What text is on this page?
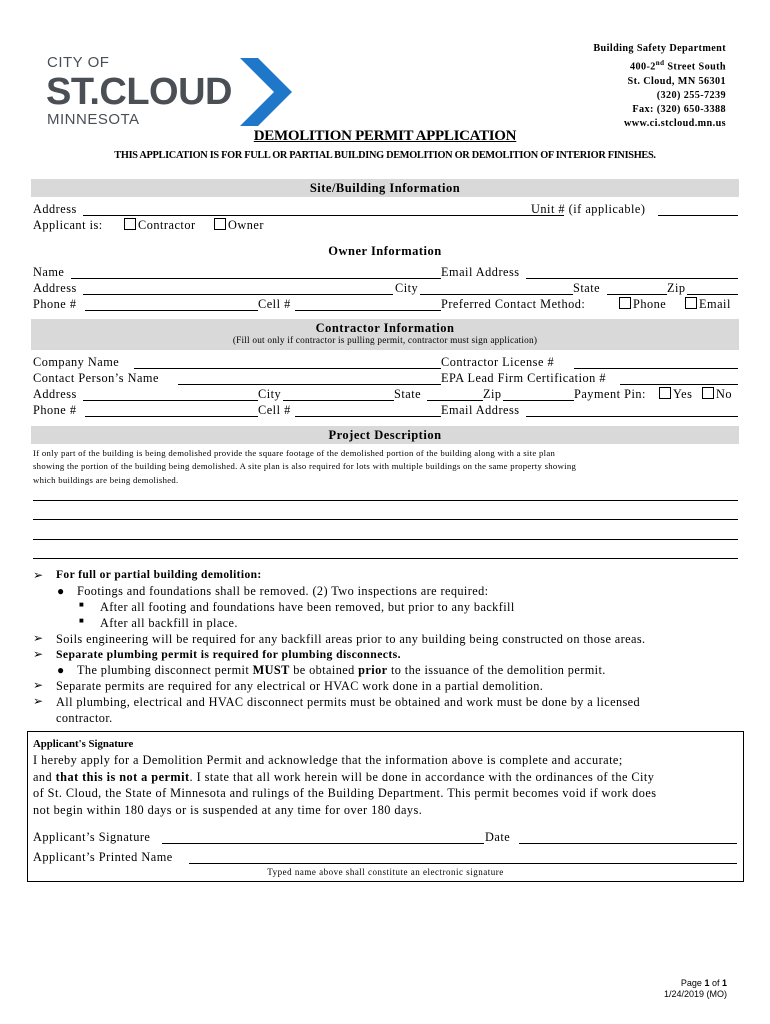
CITY OF
ST.CLOUD
MINNESOTA
Building Safety Department
400-2nd Street South
St. Cloud, MN 56301
(320) 255-7239
Fax: (320) 650-3388
www.ci.stcloud.mn.us
DEMOLITION PERMIT APPLICATION
THIS APPLICATION IS FOR FULL OR PARTIAL BUILDING DEMOLITION OR DEMOLITION OF INTERIOR FINISHES.
Site/Building Information
Address	Unit # (if applicable)
Applicant is:	Contractor	Owner
Owner Information
Name	Email Address
Address	City	State	Zip
Phone #	Cell #	Preferred Contact Method:	Phone	Email
Contractor Information
(Fill out only if contractor is pulling permit, contractor must sign application)
Company Name	Contractor License #
Contact Person’s Name	EPA Lead Firm Certification #
Address	City	State	Zip	Payment Pin:	Yes	No
Phone #	Cell #	Email Address
Project Description
If only part of the building is being demolished provide the square footage of the demolished portion of the building along with a site plan
showing the portion of the building being demolished. A site plan is also required for lots with multiple buildings on the same property showing
which buildings are being demolished.
➢ For full or partial building demolition:
● Footings and foundations shall be removed. (2) Two inspections are required:
■ After all footing and foundations have been removed, but prior to any backfill
■ After all backfill in place.
➢ Soils engineering will be required for any backfill areas prior to any building being constructed on those areas.
➢ Separate plumbing permit is required for plumbing disconnects.
● The plumbing disconnect permit MUST be obtained prior to the issuance of the demolition permit.
➢ Separate permits are required for any electrical or HVAC work done in a partial demolition.
➢ All plumbing, electrical and HVAC disconnect permits must be obtained and work must be done by a licensed
contractor.
Applicant's Signature
I hereby apply for a Demolition Permit and acknowledge that the information above is complete and accurate;
and that this is not a permit. I state that all work herein will be done in accordance with the ordinances of the City
of St. Cloud, the State of Minnesota and rulings of the Building Department. This permit becomes void if work does
not begin within 180 days or is suspended at any time for over 180 days.
Applicant’s Signature	Date
Applicant’s Printed Name
Typed name above shall constitute an electronic signature
Page 1 of 1
1/24/2019 (MO)
